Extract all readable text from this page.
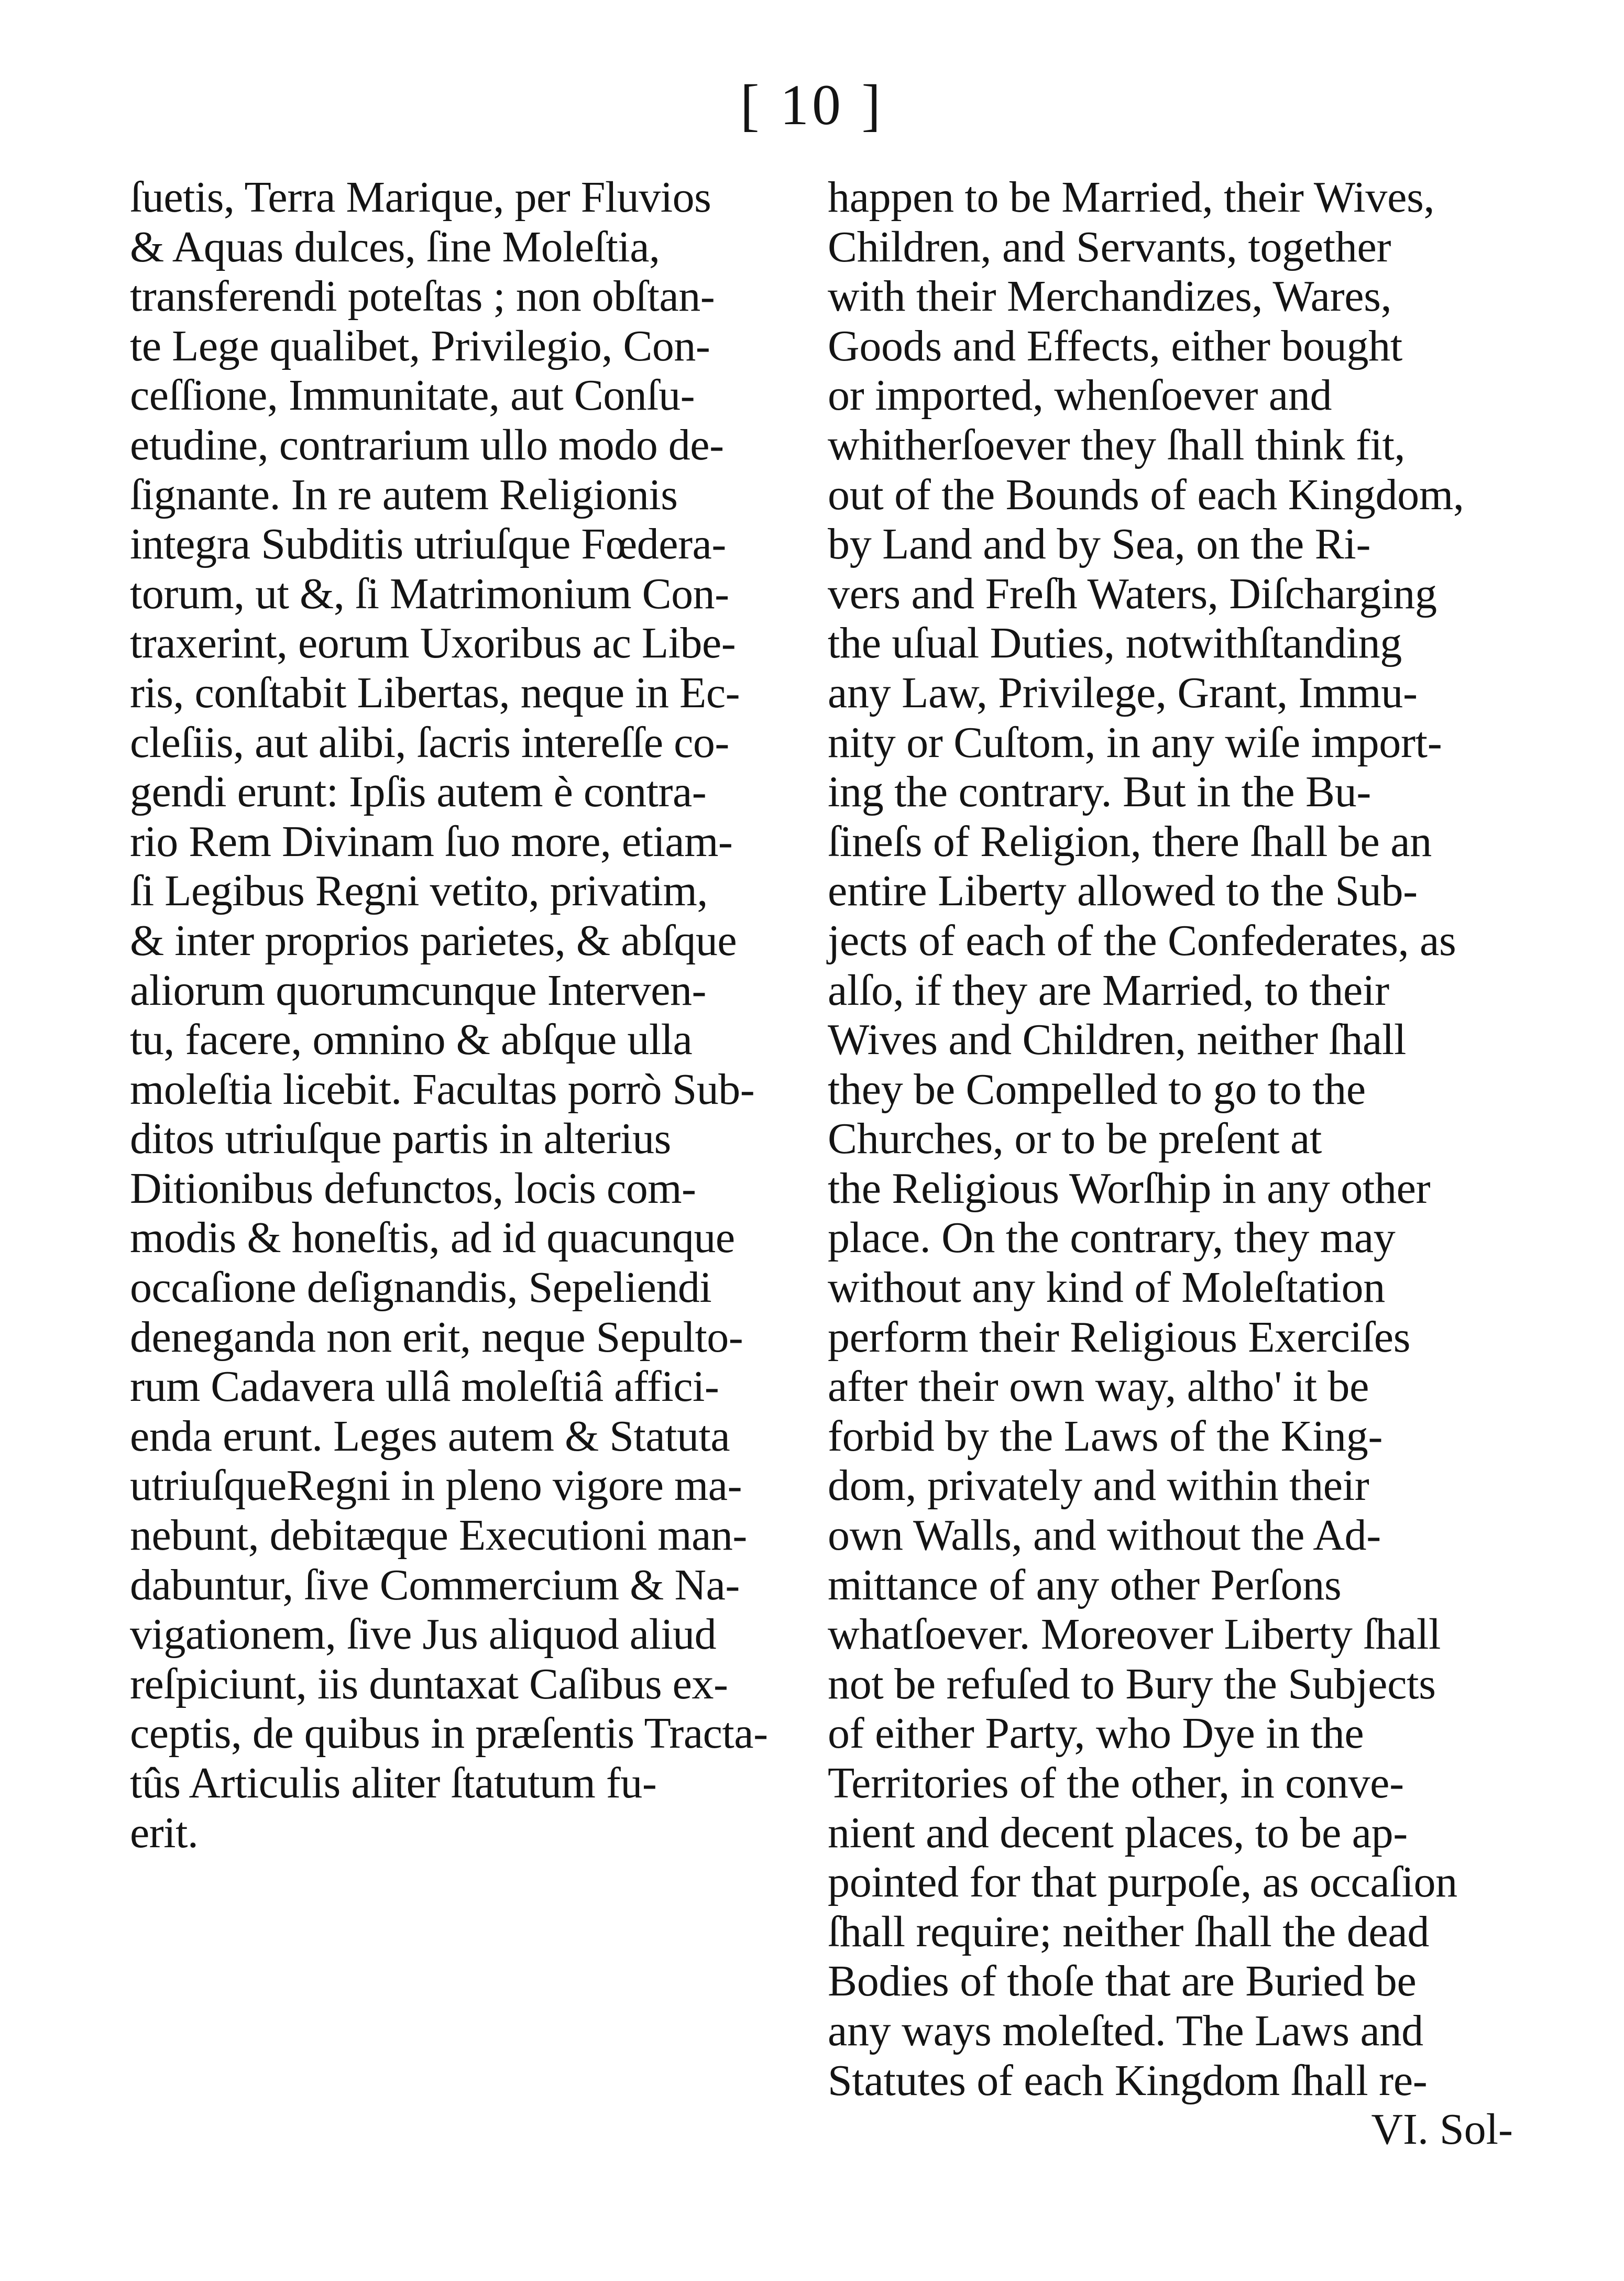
[ 10 ]
ſuetis, Terra Marique, per Fluvios
& Aquas dulces, ſine Moleſtia,
transferendi poteſtas ; non obſtan-
te Lege qualibet, Privilegio, Con-
ceſſione, Immunitate, aut Conſu-
etudine, contrarium ullo modo de-
ſignante. In re autem Religionis
integra Subditis utriuſque Fœdera-
torum, ut &, ſi Matrimonium Con-
traxerint, eorum Uxoribus ac Libe-
ris, conſtabit Libertas, neque in Ec-
cleſiis, aut alibi, ſacris intereſſe co-
gendi erunt: Ipſis autem è contra-
rio Rem Divinam ſuo more, etiam-
ſi Legibus Regni vetito, privatim,
& inter proprios parietes, & abſque
aliorum quorumcunque Interven-
tu, facere, omnino & abſque ulla
moleſtia licebit. Facultas porrò Sub-
ditos utriuſque partis in alterius
Ditionibus defunctos, locis com-
modis & honeſtis, ad id quacunque
occaſione deſignandis, Sepeliendi
deneganda non erit, neque Sepulto-
rum Cadavera ullâ moleſtiâ affici-
enda erunt. Leges autem & Statuta
utriuſqueRegni in pleno vigore ma-
nebunt, debitæque Executioni man-
dabuntur, ſive Commercium & Na-
vigationem, ſive Jus aliquod aliud
reſpiciunt, iis duntaxat Caſibus ex-
ceptis, de quibus in præſentis Tracta-
tûs Articulis aliter ſtatutum fu-
erit.
happen to be Married, their Wives,
Children, and Servants, together
with their Merchandizes, Wares,
Goods and Effects, either bought
or imported, whenſoever and
whitherſoever they ſhall think fit,
out of the Bounds of each Kingdom,
by Land and by Sea, on the Ri-
vers and Freſh Waters, Diſcharging
the uſual Duties, notwithſtanding
any Law, Privilege, Grant, Immu-
nity or Cuſtom, in any wiſe import-
ing the contrary. But in the Bu-
ſineſs of Religion, there ſhall be an
entire Liberty allowed to the Sub-
jects of each of the Confederates, as
alſo, if they are Married, to their
Wives and Children, neither ſhall
they be Compelled to go to the
Churches, or to be preſent at
the Religious Worſhip in any other
place. On the contrary, they may
without any kind of Moleſtation
perform their Religious Exerciſes
after their own way, altho' it be
forbid by the Laws of the King-
dom, privately and within their
own Walls, and without the Ad-
mittance of any other Perſons
whatſoever. Moreover Liberty ſhall
not be refuſed to Bury the Subjects
of either Party, who Dye in the
Territories of the other, in conve-
nient and decent places, to be ap-
pointed for that purpoſe, as occaſion
ſhall require; neither ſhall the dead
Bodies of thoſe that are Buried be
any ways moleſted. The Laws and
Statutes of each Kingdom ſhall re-
VI. Sol-
